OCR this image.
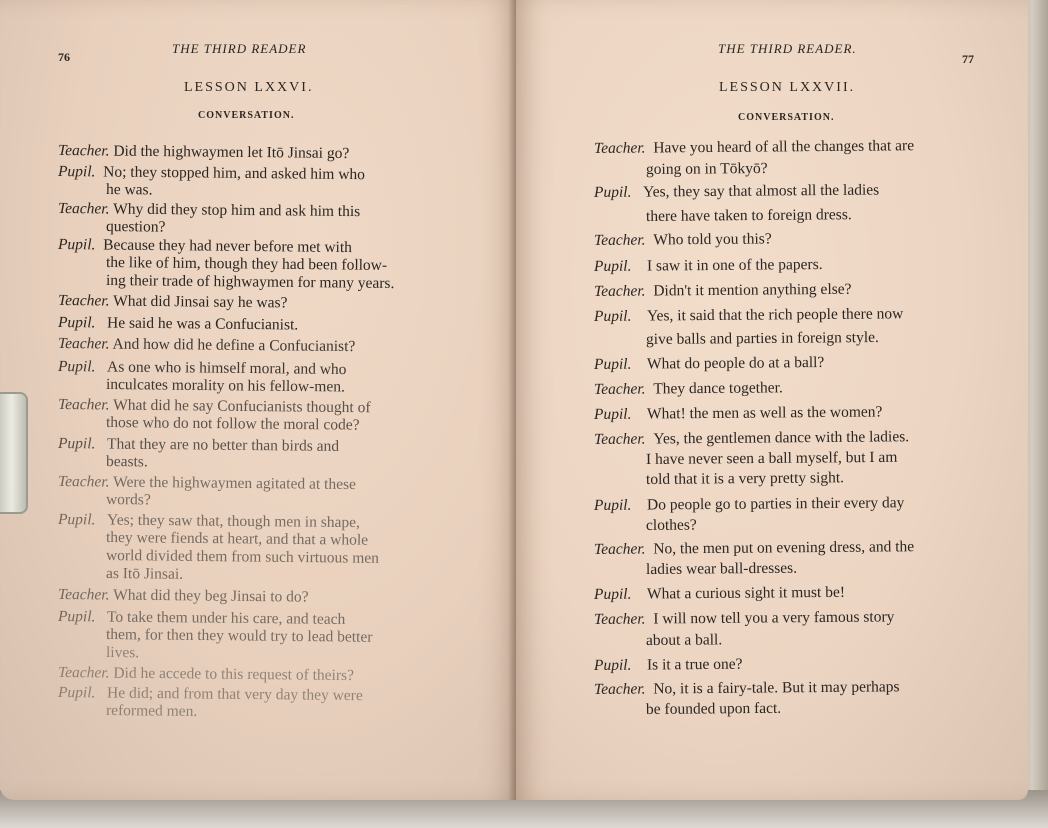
76
THE THIRD READER
LESSON LXXVI.
CONVERSATION.
Teacher. Did the highwaymen let Itō Jinsai go?
Pupil. No; they stopped him, and asked him who
he was.
Teacher. Why did they stop him and ask him this
question?
Pupil. Because they had never before met with
the like of him, though they had been follow-
ing their trade of highwaymen for many years.
Teacher. What did Jinsai say he was?
Pupil. He said he was a Confucianist.
Teacher. And how did he define a Confucianist?
Pupil. As one who is himself moral, and who
inculcates morality on his fellow-men.
Teacher. What did he say Confucianists thought of
those who do not follow the moral code?
Pupil. That they are no better than birds and
beasts.
Teacher. Were the highwaymen agitated at these
words?
Pupil. Yes; they saw that, though men in shape,
they were fiends at heart, and that a whole
world divided them from such virtuous men
as Itō Jinsai.
Teacher. What did they beg Jinsai to do?
Pupil. To take them under his care, and teach
them, for then they would try to lead better
lives.
Teacher. Did he accede to this request of theirs?
Pupil. He did; and from that very day they were
reformed men.
THE THIRD READER.
77
LESSON LXXVII.
CONVERSATION.
Teacher. Have you heard of all the changes that are
going on in Tōkyō?
Pupil. Yes, they say that almost all the ladies
there have taken to foreign dress.
Teacher. Who told you this?
Pupil. I saw it in one of the papers.
Teacher. Didn't it mention anything else?
Pupil. Yes, it said that the rich people there now
give balls and parties in foreign style.
Pupil. What do people do at a ball?
Teacher. They dance together.
Pupil. What! the men as well as the women?
Teacher. Yes, the gentlemen dance with the ladies.
I have never seen a ball myself, but I am
told that it is a very pretty sight.
Pupil. Do people go to parties in their every day
clothes?
Teacher. No, the men put on evening dress, and the
ladies wear ball-dresses.
Pupil. What a curious sight it must be!
Teacher. I will now tell you a very famous story
about a ball.
Pupil. Is it a true one?
Teacher. No, it is a fairy-tale. But it may perhaps
be founded upon fact.
